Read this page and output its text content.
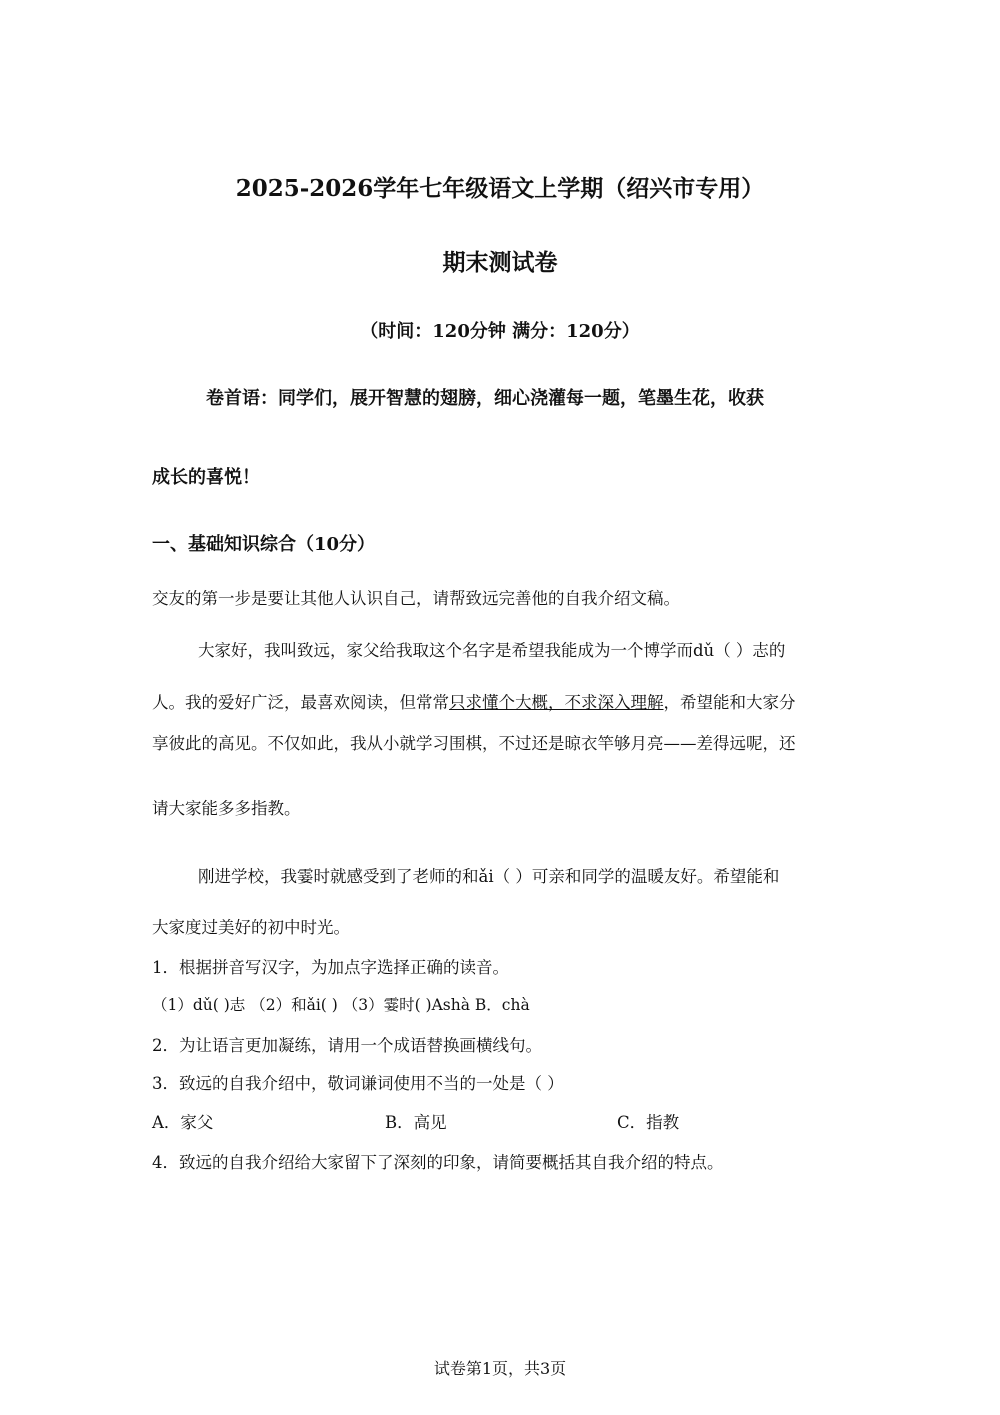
2025-2026学年七年级语文上学期（绍兴市专用）
期末测试卷
（时间：120分钟 满分：120分）
卷首语：同学们，展开智慧的翅膀，细心浇灌每一题，笔墨生花，收获
成长的喜悦！
一、基础知识综合（10分）
交友的第一步是要让其他人认识自己，请帮致远完善他的自我介绍文稿。
大家好，我叫致远，家父给我取这个名字是希望我能成为一个博学而dǔ（ ）志的
人。我的爱好广泛，最喜欢阅读，但常常只求懂个大概，不求深入理解，希望能和大家分
享彼此的高见。不仅如此，我从小就学习围棋，不过还是晾衣竿够月亮——差得远呢，还
请大家能多多指教。
刚进学校，我霎时就感受到了老师的和ǎi（ ）可亲和同学的温暖友好。希望能和
大家度过美好的初中时光。
1．根据拼音写汉字，为加点字选择正确的读音。
（1）dǔ( )志 （2）和ǎi( ) （3）霎时( )Ashà B．chà
2．为让语言更加凝练，请用一个成语替换画横线句。
3．致远的自我介绍中，敬词谦词使用不当的一处是（ ）
A．家父	B．高见	C．指教
4．致远的自我介绍给大家留下了深刻的印象，请简要概括其自我介绍的特点。
试卷第1页，共3页
